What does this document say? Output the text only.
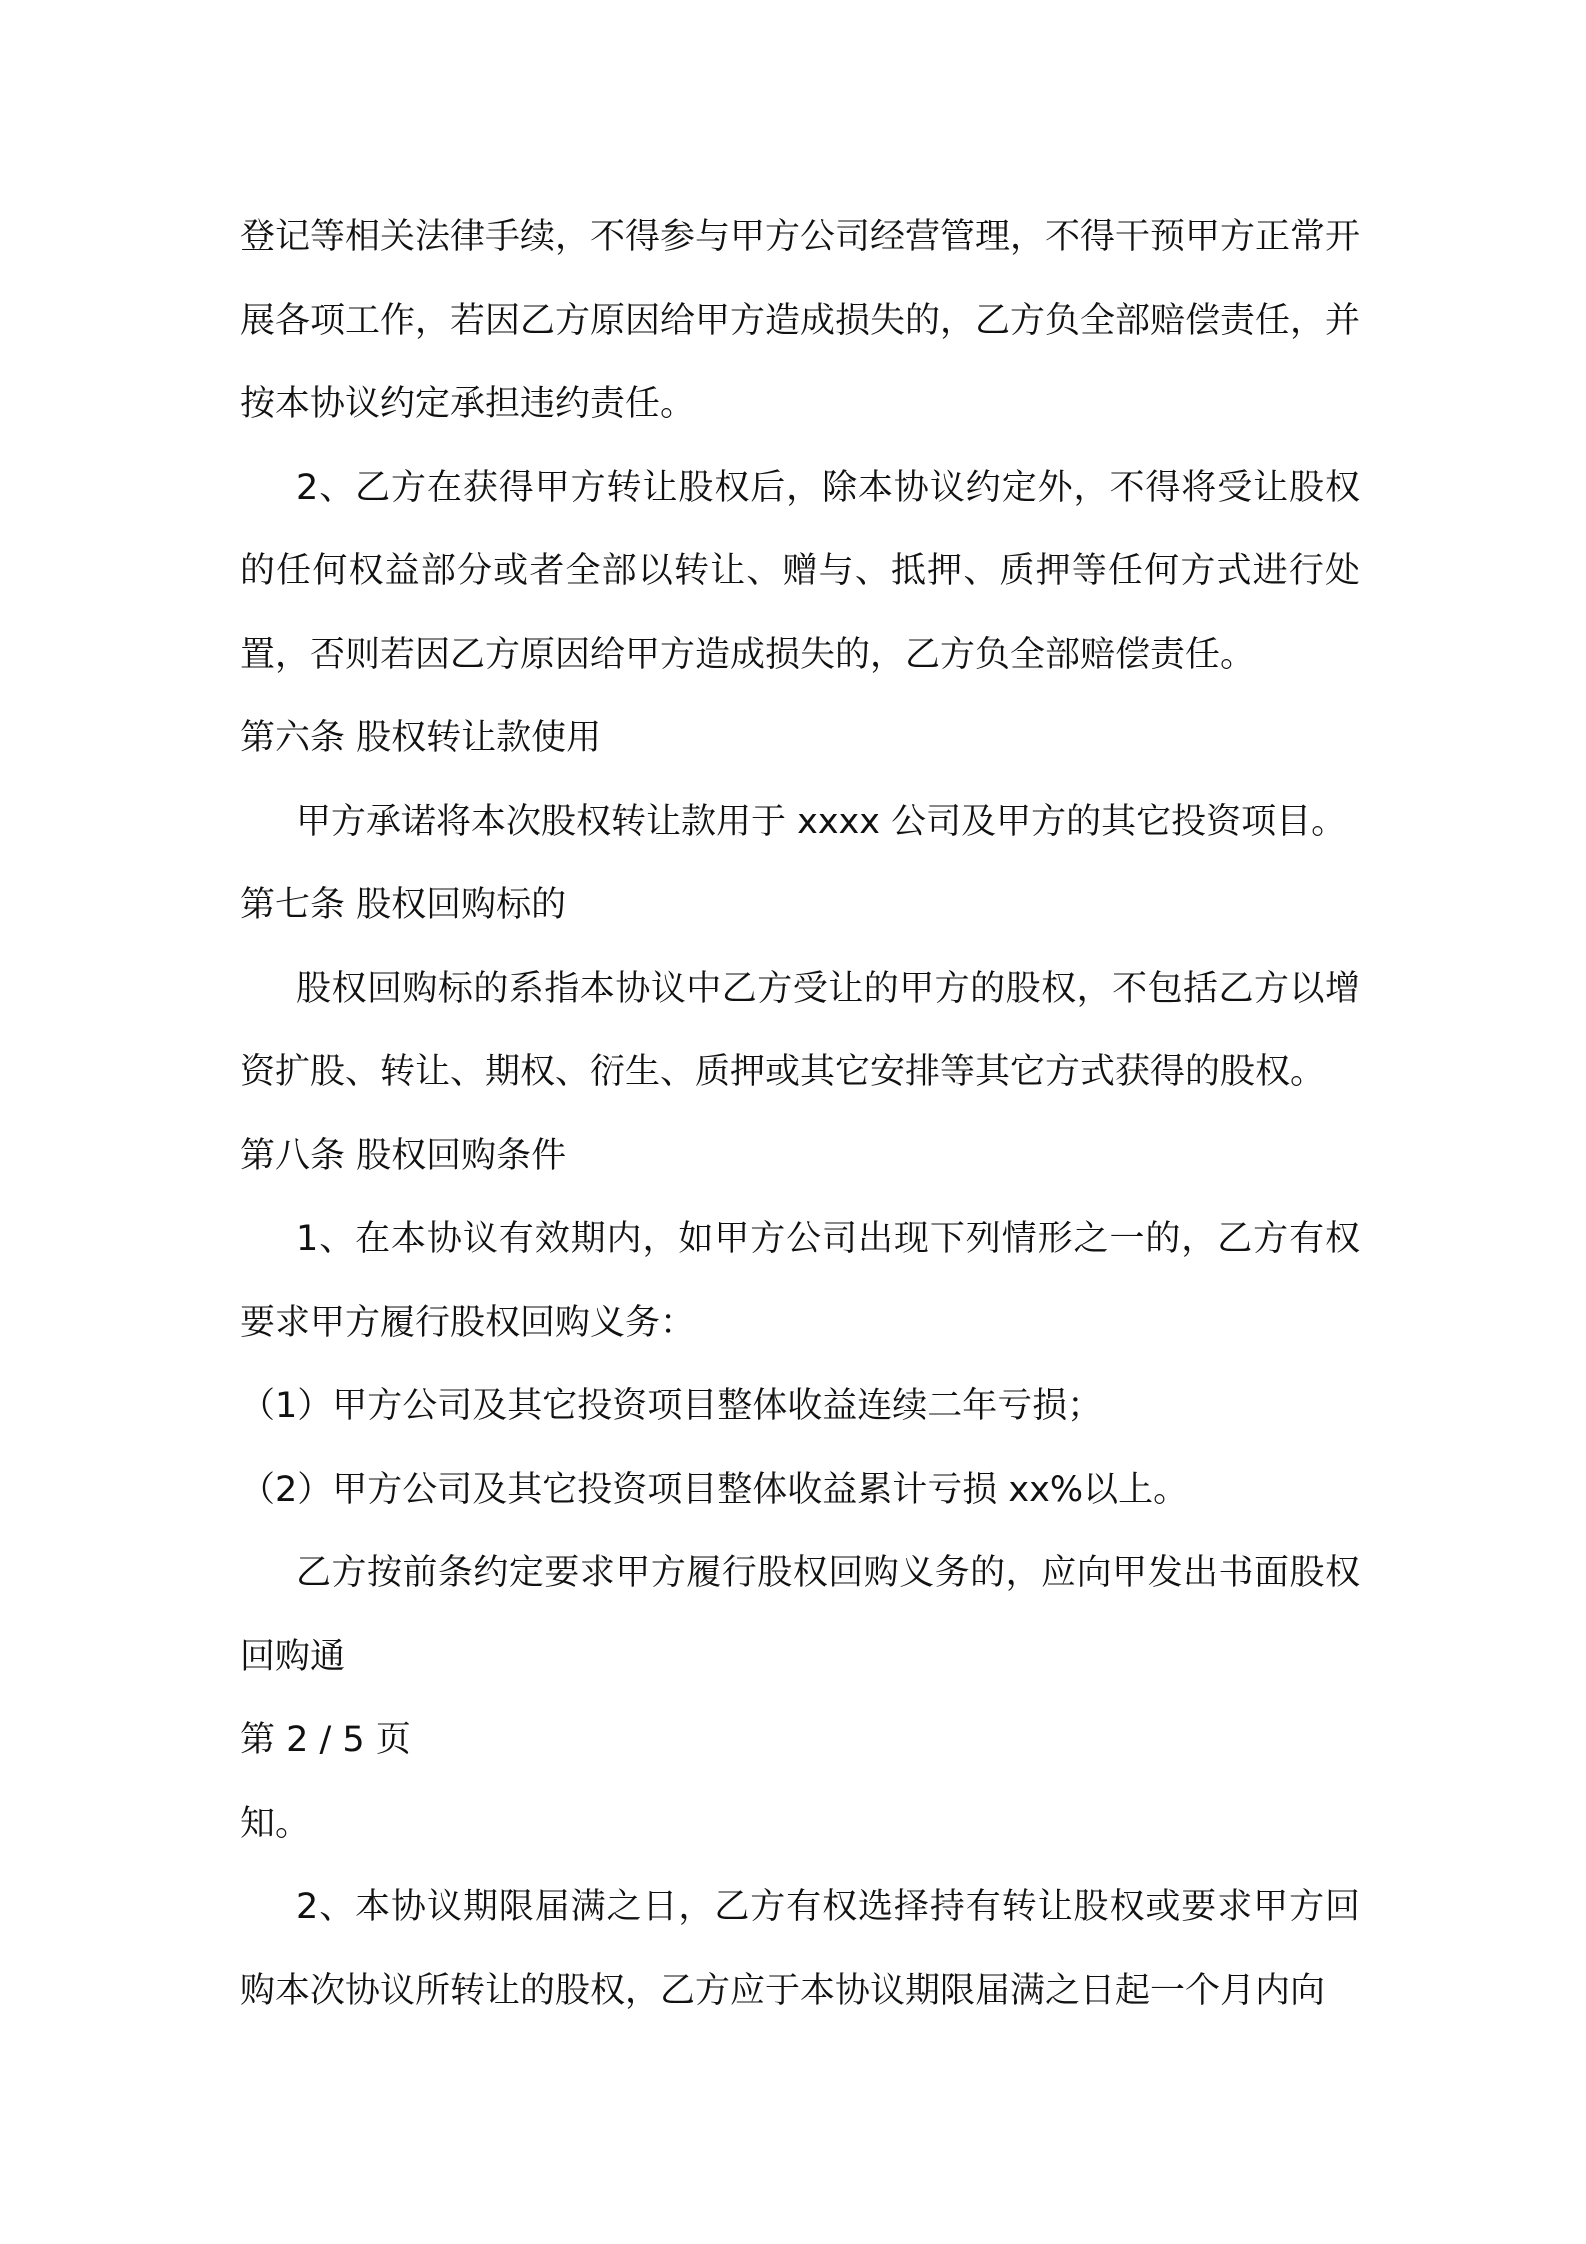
登记等相关法律手续，不得参与甲方公司经营管理，不得干预甲方正常开展各项工作，若因乙方原因给甲方造成损失的，乙方负全部赔偿责任，并按本协议约定承担违约责任。

2、乙方在获得甲方转让股权后，除本协议约定外，不得将受让股权的任何权益部分或者全部以转让、赠与、抵押、质押等任何方式进行处置，否则若因乙方原因给甲方造成损失的，乙方负全部赔偿责任。

第六条 股权转让款使用

甲方承诺将本次股权转让款用于 xxxx 公司及甲方的其它投资项目。

第七条 股权回购标的

股权回购标的系指本协议中乙方受让的甲方的股权，不包括乙方以增资扩股、转让、期权、衍生、质押或其它安排等其它方式获得的股权。

第八条 股权回购条件

1、在本协议有效期内，如甲方公司出现下列情形之一的，乙方有权要求甲方履行股权回购义务：

（1）甲方公司及其它投资项目整体收益连续二年亏损；

（2）甲方公司及其它投资项目整体收益累计亏损 xx%以上。

乙方按前条约定要求甲方履行股权回购义务的，应向甲发出书面股权回购通

第 2 / 5 页

知。

2、本协议期限届满之日，乙方有权选择持有转让股权或要求甲方回购本次协议所转让的股权，乙方应于本协议期限届满之日起一个月内向
